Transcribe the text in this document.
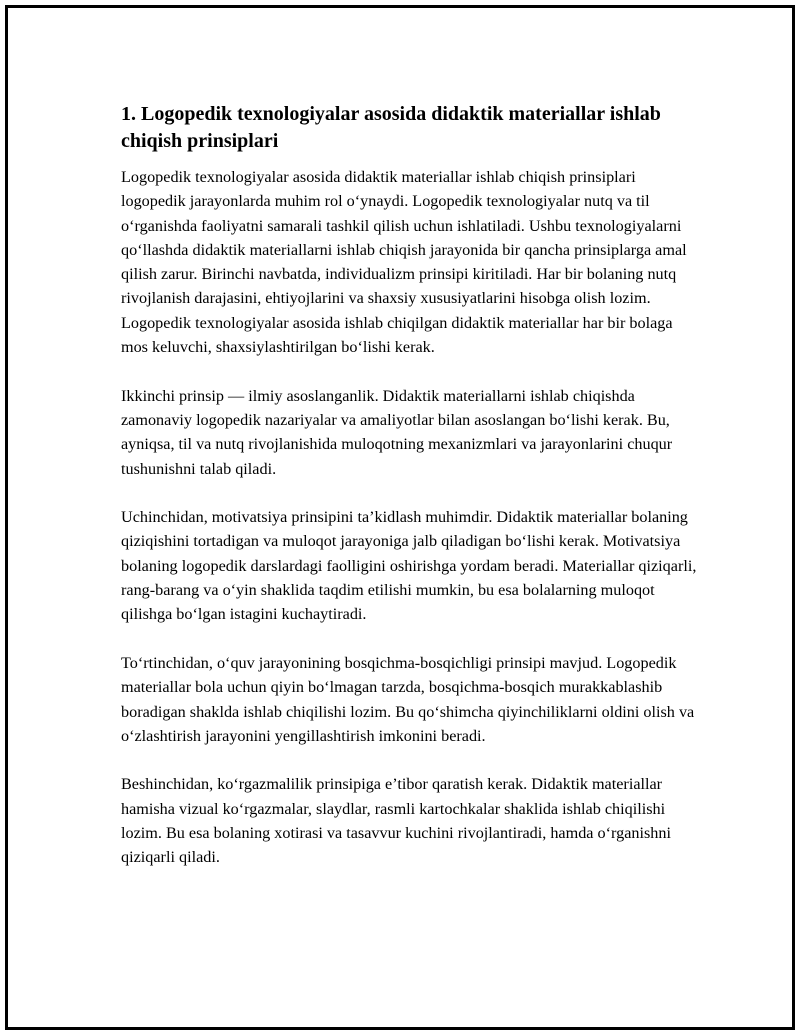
1. Logopedik texnologiyalar asosida didaktik materiallar ishlab chiqish prinsiplari

Logopedik texnologiyalar asosida didaktik materiallar ishlab chiqish prinsiplari logopedik jarayonlarda muhim rol o‘ynaydi. Logopedik texnologiyalar nutq va til o‘rganishda faoliyatni samarali tashkil qilish uchun ishlatiladi. Ushbu texnologiyalarni qo‘llashda didaktik materiallarni ishlab chiqish jarayonida bir qancha prinsiplarga amal qilish zarur. Birinchi navbatda, individualizm prinsipi kiritiladi. Har bir bolaning nutq rivojlanish darajasini, ehtiyojlarini va shaxsiy xususiyatlarini hisobga olish lozim. Logopedik texnologiyalar asosida ishlab chiqilgan didaktik materiallar har bir bolaga mos keluvchi, shaxsiylashtirilgan bo‘lishi kerak.

Ikkinchi prinsip — ilmiy asoslanganlik. Didaktik materiallarni ishlab chiqishda zamonaviy logopedik nazariyalar va amaliyotlar bilan asoslangan bo‘lishi kerak. Bu, ayniqsa, til va nutq rivojlanishida muloqotning mexanizmlari va jarayonlarini chuqur tushunishni talab qiladi.

Uchinchidan, motivatsiya prinsipini ta’kidlash muhimdir. Didaktik materiallar bolaning qiziqishini tortadigan va muloqot jarayoniga jalb qiladigan bo‘lishi kerak. Motivatsiya bolaning logopedik darslardagi faolligini oshirishga yordam beradi. Materiallar qiziqarli, rang-barang va o‘yin shaklida taqdim etilishi mumkin, bu esa bolalarning muloqot qilishga bo‘lgan istagini kuchaytiradi.

To‘rtinchidan, o‘quv jarayonining bosqichma-bosqichligi prinsipi mavjud. Logopedik materiallar bola uchun qiyin bo‘lmagan tarzda, bosqichma-bosqich murakkablashib boradigan shaklda ishlab chiqilishi lozim. Bu qo‘shimcha qiyinchiliklarni oldini olish va o‘zlashtirish jarayonini yengillashtirish imkonini beradi.

Beshinchidan, ko‘rgazmalilik prinsipiga e’tibor qaratish kerak. Didaktik materiallar hamisha vizual ko‘rgazmalar, slaydlar, rasmli kartochkalar shaklida ishlab chiqilishi lozim. Bu esa bolaning xotirasi va tasavvur kuchini rivojlantiradi, hamda o‘rganishni qiziqarli qiladi.
